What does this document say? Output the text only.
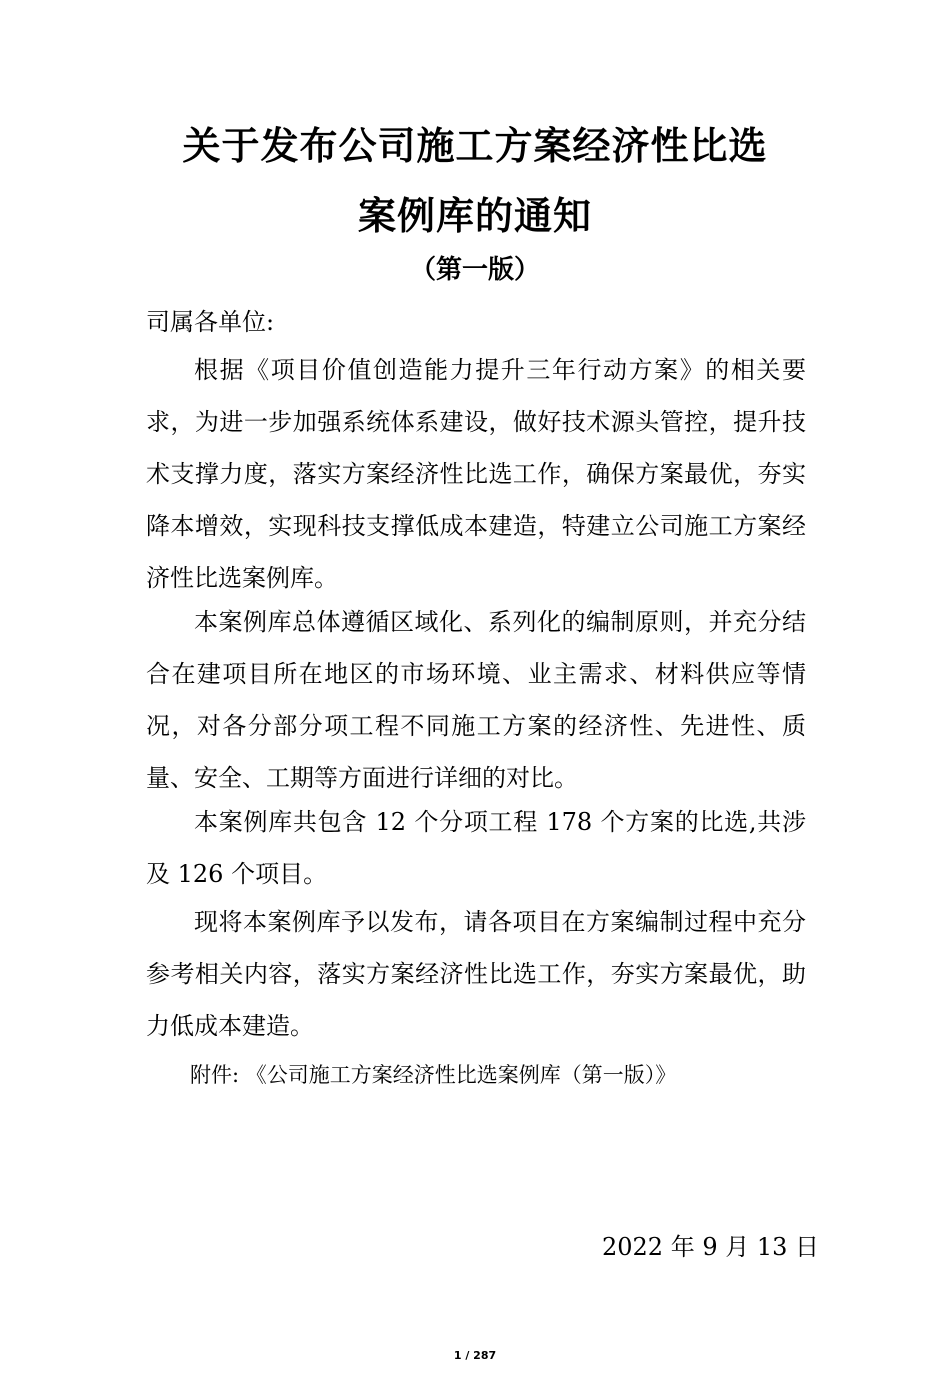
关于发布公司施工方案经济性比选
案例库的通知
（第一版）

司属各单位:

根据《项目价值创造能力提升三年行动方案》的相关要求，为进一步加强系统体系建设，做好技术源头管控，提升技术支撑力度，落实方案经济性比选工作，确保方案最优，夯实降本增效，实现科技支撑低成本建造，特建立公司施工方案经济性比选案例库。

本案例库总体遵循区域化、系列化的编制原则，并充分结合在建项目所在地区的市场环境、业主需求、材料供应等情况，对各分部分项工程不同施工方案的经济性、先进性、质量、安全、工期等方面进行详细的对比。

本案例库共包含 12 个分项工程 178 个方案的比选,共涉及 126 个项目。

现将本案例库予以发布，请各项目在方案编制过程中充分参考相关内容，落实方案经济性比选工作，夯实方案最优，助力低成本建造。

附件: 《公司施工方案经济性比选案例库（第一版）》

2022 年 9 月 13 日

1 / 287
